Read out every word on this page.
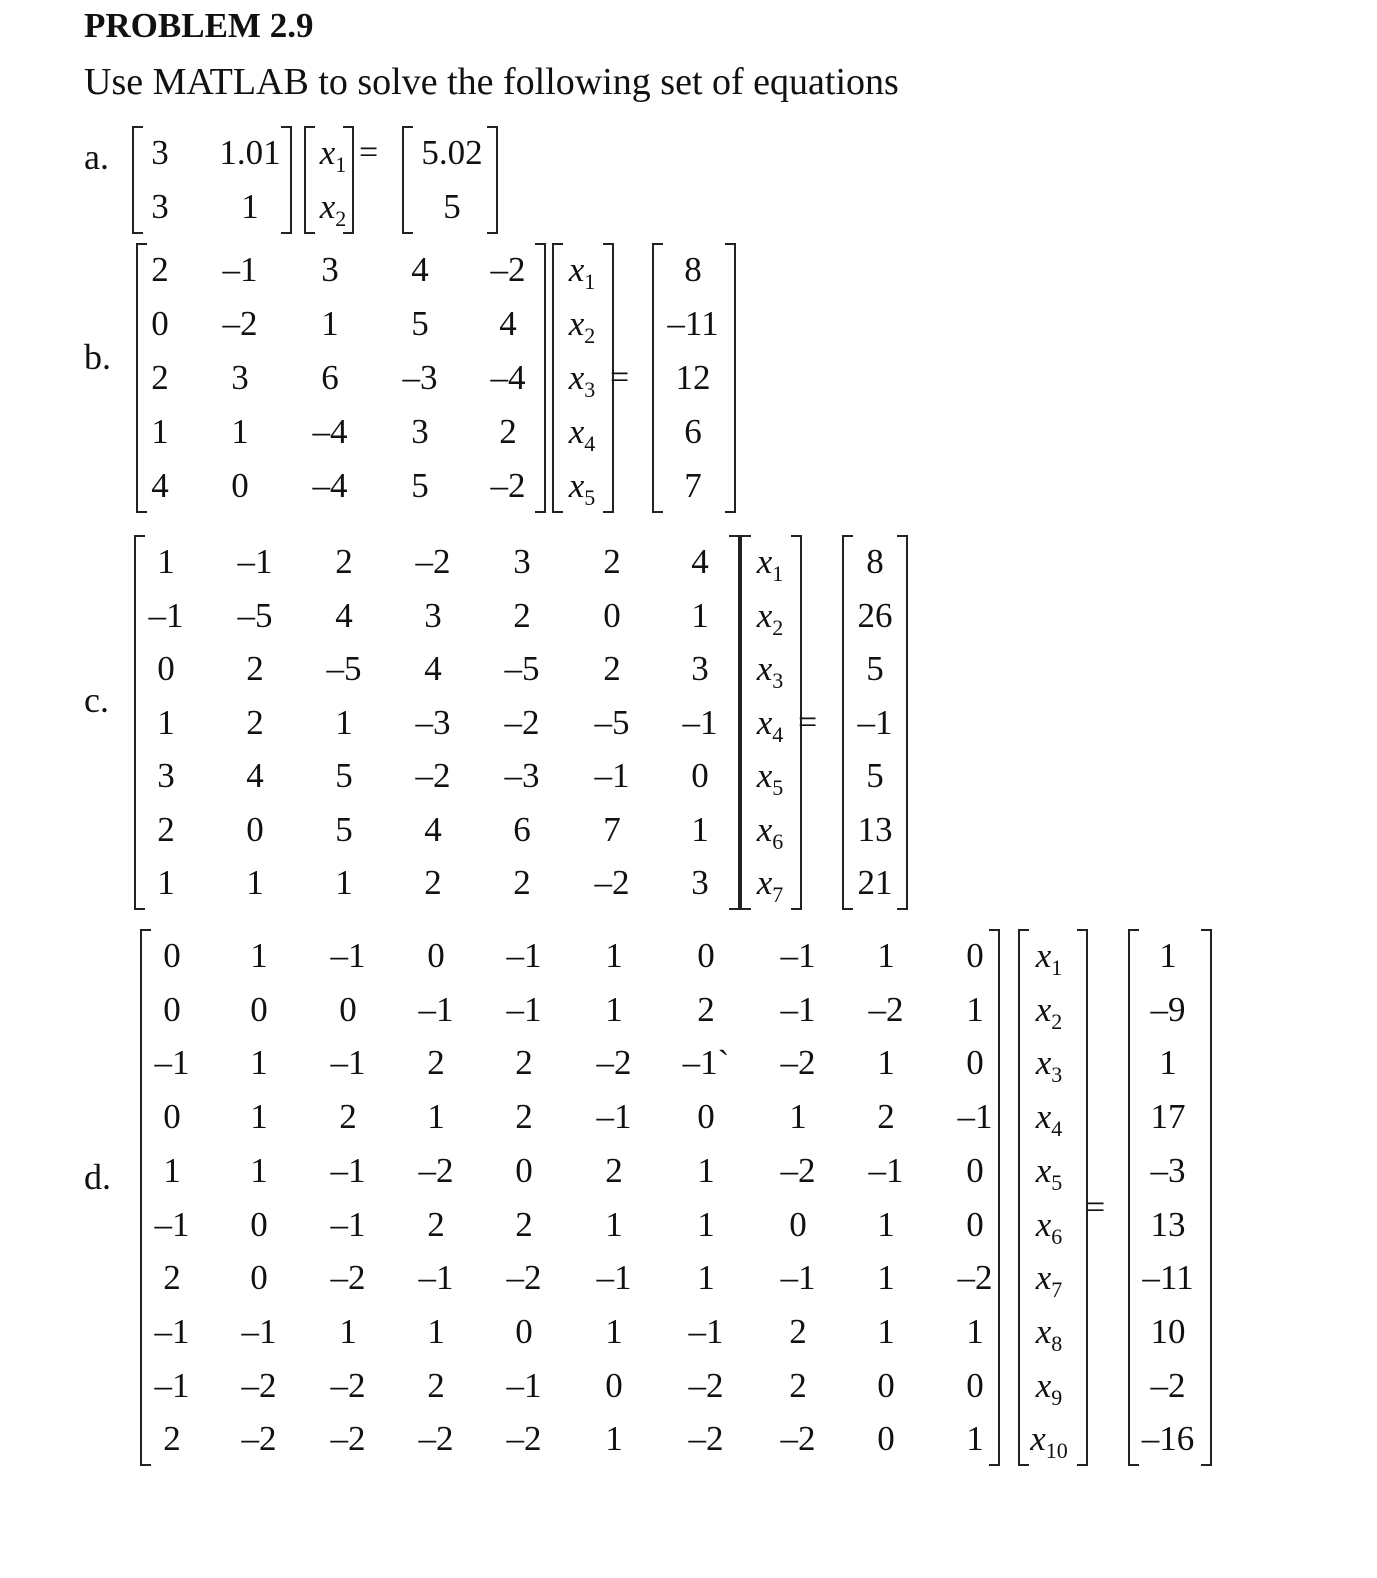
PROBLEM 2.9

Use MATLAB to solve the following set of equations

a.	3	1.01
3	1
$x_1$
$x_2$
5.02
5
=
b.
2	–1	3	4	–2
0	–2	1	5	4
2	3	6	–3	–4
1	1	–4	3	2
4	0	–4	5	–2
$x_1$
$x_2$
$x_3$
$x_4$
$x_5$
8
–11
12
6
7
=
c.
1	–1	2	–2	3	2	4
–1	–5	4	3	2	0	1
0	2	–5	4	–5	2	3
1	2	1	–3	–2	–5	–1
3	4	5	–2	–3	–1	0
2	0	5	4	6	7	1
1	1	1	2	2	–2	3
$x_1$
$x_2$
$x_3$
$x_4$
$x_5$
$x_6$
$x_7$
8
26
5
–1
5
13
21
=
d.
0	1	–1	0	–1	1	0	–1	1	0
0	0	0	–1	–1	1	2	–1	–2	1
–1	1	–1	2	2	–2	–1`	–2	1	0
0	1	2	1	2	–1	0	1	2	–1
1	1	–1	–2	0	2	1	–2	–1	0
–1	0	–1	2	2	1	1	0	1	0
2	0	–2	–1	–2	–1	1	–1	1	–2
–1	–1	1	1	0	1	–1	2	1	1
–1	–2	–2	2	–1	0	–2	2	0	0
2	–2	–2	–2	–2	1	–2	–2	0	1
$x_1$
$x_2$
$x_3$
$x_4$
$x_5$
$x_6$
$x_7$
$x_8$
$x_9$
$x_{10}$
1
–9
1
17
–3
13
–11
10
–2
–16
=
